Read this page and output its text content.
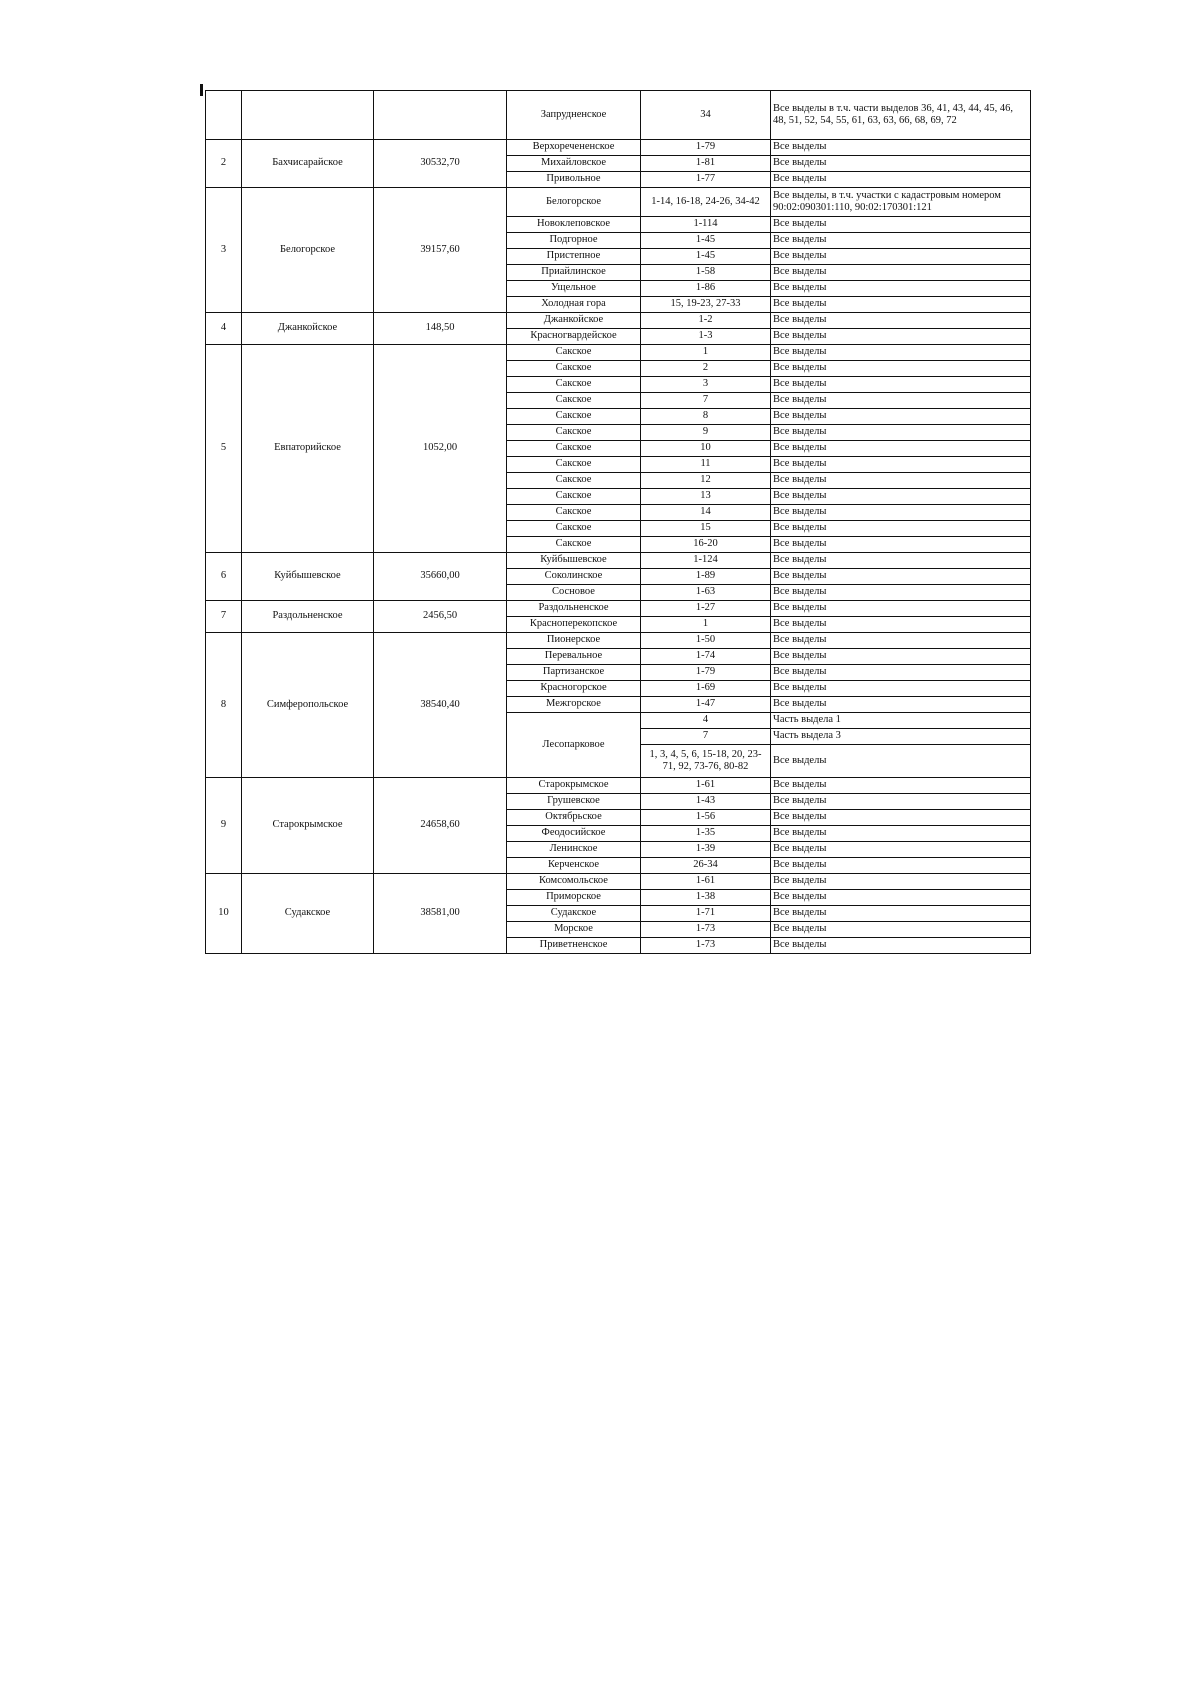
			Запрудненское	34	Все выделы в т.ч. части выделов 36, 41, 43, 44, 45, 46, 48, 51, 52, 54, 55, 61, 63, 63, 66, 68, 69, 72
2	Бахчисарайское	30532,70	Верхоречененское	1-79	Все выделы
			Михайловское	1-81	Все выделы
			Привольное	1-77	Все выделы
3	Белогорское	39157,60	Белогорское	1-14, 16-18, 24-26, 34-42	Все выделы, в т.ч. участки с кадастровым номером 90:02:090301:110, 90:02:170301:121
			Новоклеповское	1-114	Все выделы
			Подгорное	1-45	Все выделы
			Пристепное	1-45	Все выделы
			Приайлинское	1-58	Все выделы
			Ущельное	1-86	Все выделы
			Холодная гора	15, 19-23, 27-33	Все выделы
4	Джанкойское	148,50	Джанкойское	1-2	Все выделы
			Красногвардейское	1-3	Все выделы
5	Евпаторийское	1052,00	Сакское	1	Все выделы
			Сакское	2	Все выделы
			Сакское	3	Все выделы
			Сакское	7	Все выделы
			Сакское	8	Все выделы
			Сакское	9	Все выделы
			Сакское	10	Все выделы
			Сакское	11	Все выделы
			Сакское	12	Все выделы
			Сакское	13	Все выделы
			Сакское	14	Все выделы
			Сакское	15	Все выделы
			Сакское	16-20	Все выделы
6	Куйбышевское	35660,00	Куйбышевское	1-124	Все выделы
			Соколинское	1-89	Все выделы
			Сосновое	1-63	Все выделы
7	Раздольненское	2456,50	Раздольненское	1-27	Все выделы
			Красноперекопское	1	Все выделы
8	Симферопольское	38540,40	Пионерское	1-50	Все выделы
			Перевальное	1-74	Все выделы
			Партизанское	1-79	Все выделы
			Красногорское	1-69	Все выделы
			Межгорское	1-47	Все выделы
			Лесопарковое	4	Часть выдела 1
				7	Часть выдела 3
				1, 3, 4, 5, 6, 15-18, 20, 23-71, 92, 73-76, 80-82	Все выделы
9	Старокрымское	24658,60	Старокрымское	1-61	Все выделы
			Грушевское	1-43	Все выделы
			Октябрьское	1-56	Все выделы
			Феодосийское	1-35	Все выделы
			Ленинское	1-39	Все выделы
			Керченское	26-34	Все выделы
10	Судакское	38581,00	Комсомольское	1-61	Все выделы
			Приморское	1-38	Все выделы
			Судакское	1-71	Все выделы
			Морское	1-73	Все выделы
			Приветненское	1-73	Все выделы
